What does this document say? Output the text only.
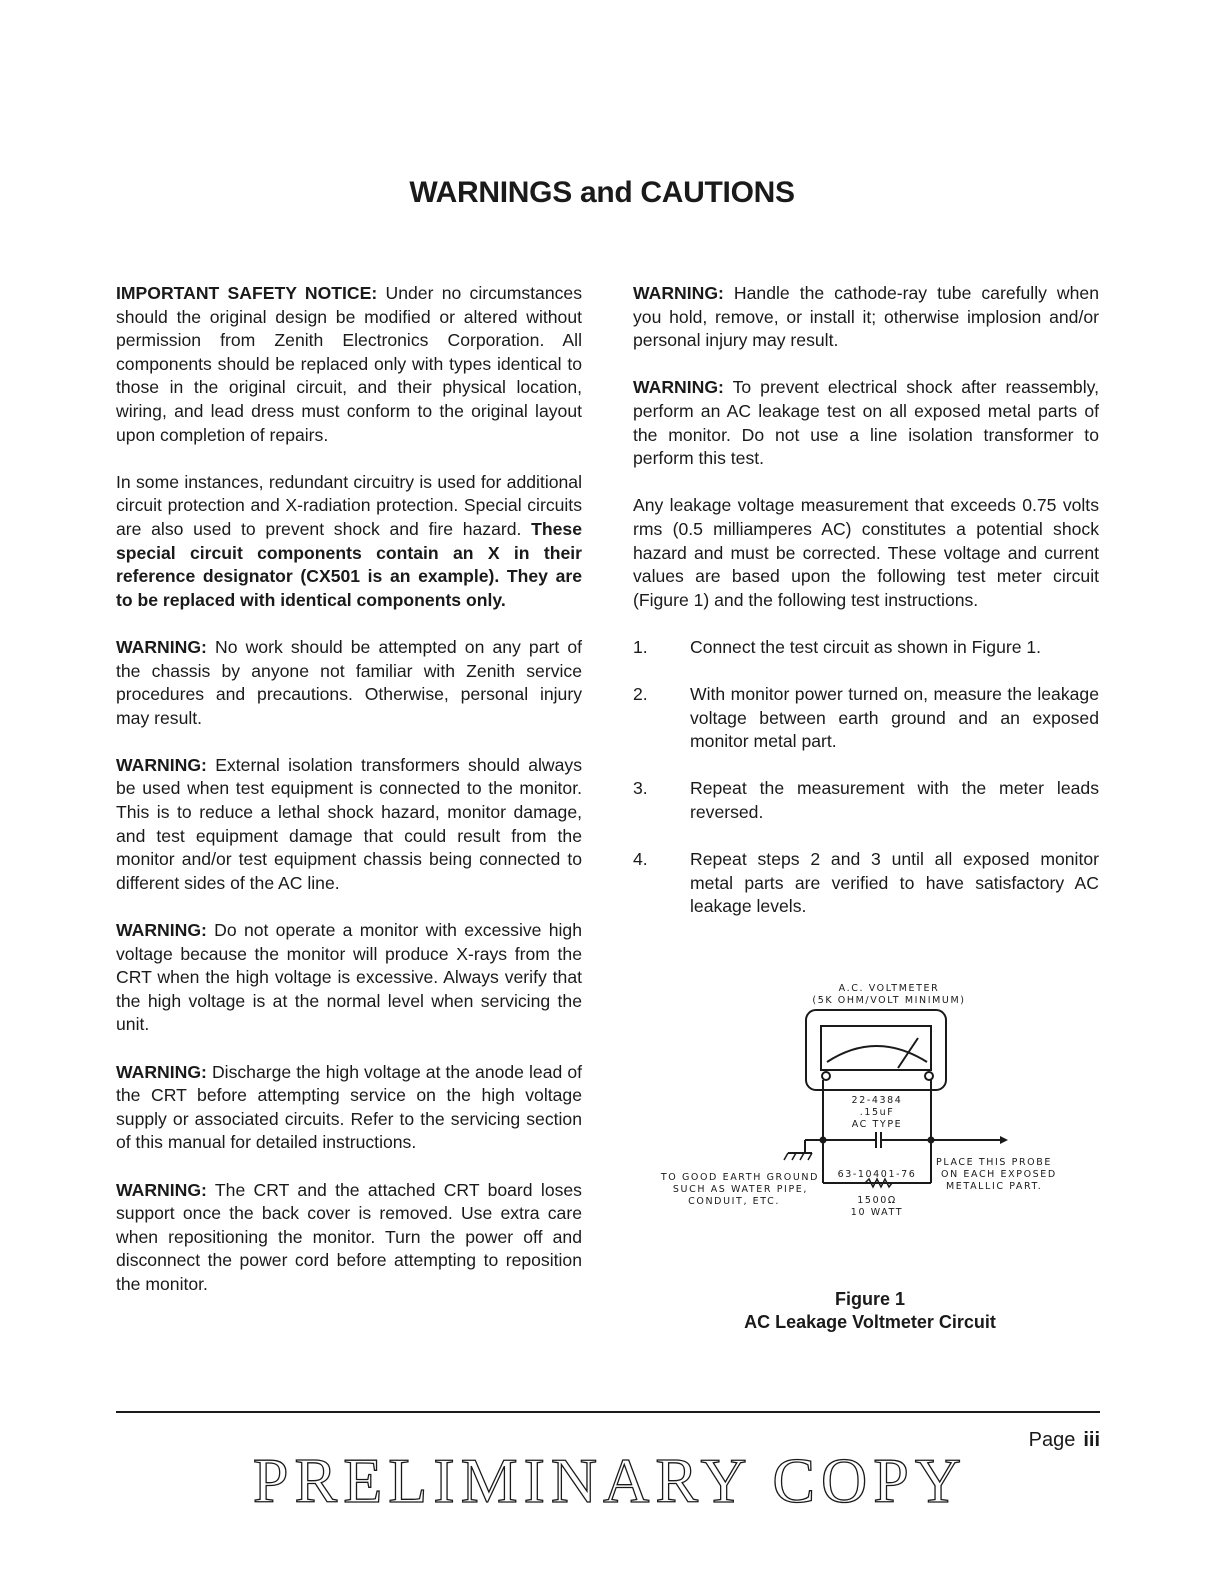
WARNINGS and CAUTIONS

IMPORTANT SAFETY NOTICE: Under no circumstances should the original design be modified or altered without permission from Zenith Electronics Corporation. All components should be replaced only with types identical to those in the original circuit, and their physical location, wiring, and lead dress must conform to the original layout upon completion of repairs.

In some instances, redundant circuitry is used for additional circuit protection and X-radiation protection. Special circuits are also used to prevent shock and fire hazard. These special circuit components contain an X in their reference designator (CX501 is an example). They are to be replaced with identical components only.

WARNING: No work should be attempted on any part of the chassis by anyone not familiar with Zenith service procedures and precautions. Otherwise, personal injury may result.

WARNING: External isolation transformers should always be used when test equipment is connected to the monitor. This is to reduce a lethal shock hazard, monitor damage, and test equipment damage that could result from the monitor and/or test equipment chassis being connected to different sides of the AC line.

WARNING: Do not operate a monitor with excessive high voltage because the monitor will produce X-rays from the CRT when the high voltage is excessive. Always verify that the high voltage is at the normal level when servicing the unit.

WARNING: Discharge the high voltage at the anode lead of the CRT before attempting service on the high voltage supply or associated circuits. Refer to the servicing section of this manual for detailed instructions.

WARNING: The CRT and the attached CRT board loses support once the back cover is removed. Use extra care when repositioning the monitor. Turn the power off and disconnect the power cord before attempting to reposition the monitor.

WARNING: Handle the cathode-ray tube carefully when you hold, remove, or install it; otherwise implosion and/or personal injury may result.

WARNING: To prevent electrical shock after reassembly, perform an AC leakage test on all exposed metal parts of the monitor. Do not use a line isolation transformer to perform this test.

Any leakage voltage measurement that exceeds 0.75 volts rms (0.5 milliamperes AC) constitutes a potential shock hazard and must be corrected. These voltage and current values are based upon the following test meter circuit (Figure 1) and the following test instructions.

1.	Connect the test circuit as shown in Figure 1.
2.	With monitor power turned on, measure the leakage voltage between earth ground and an exposed monitor metal part.
3.	Repeat the measurement with the meter leads reversed.
4.	Repeat steps 2 and 3 until all exposed monitor metal parts are verified to have satisfactory AC leakage levels.
A.C. VOLTMETER
(5K OHM/VOLT MINIMUM)
22-4384
.15uF
AC TYPE
63-10401-76
1500Ω
10 WATT
TO GOOD EARTH GROUND
SUCH AS WATER PIPE,
CONDUIT, ETC.
PLACE THIS PROBE
ON EACH EXPOSED
METALLIC PART.
Figure 1
AC Leakage Voltmeter Circuit
Page iii
PRELIMINARY COPY
